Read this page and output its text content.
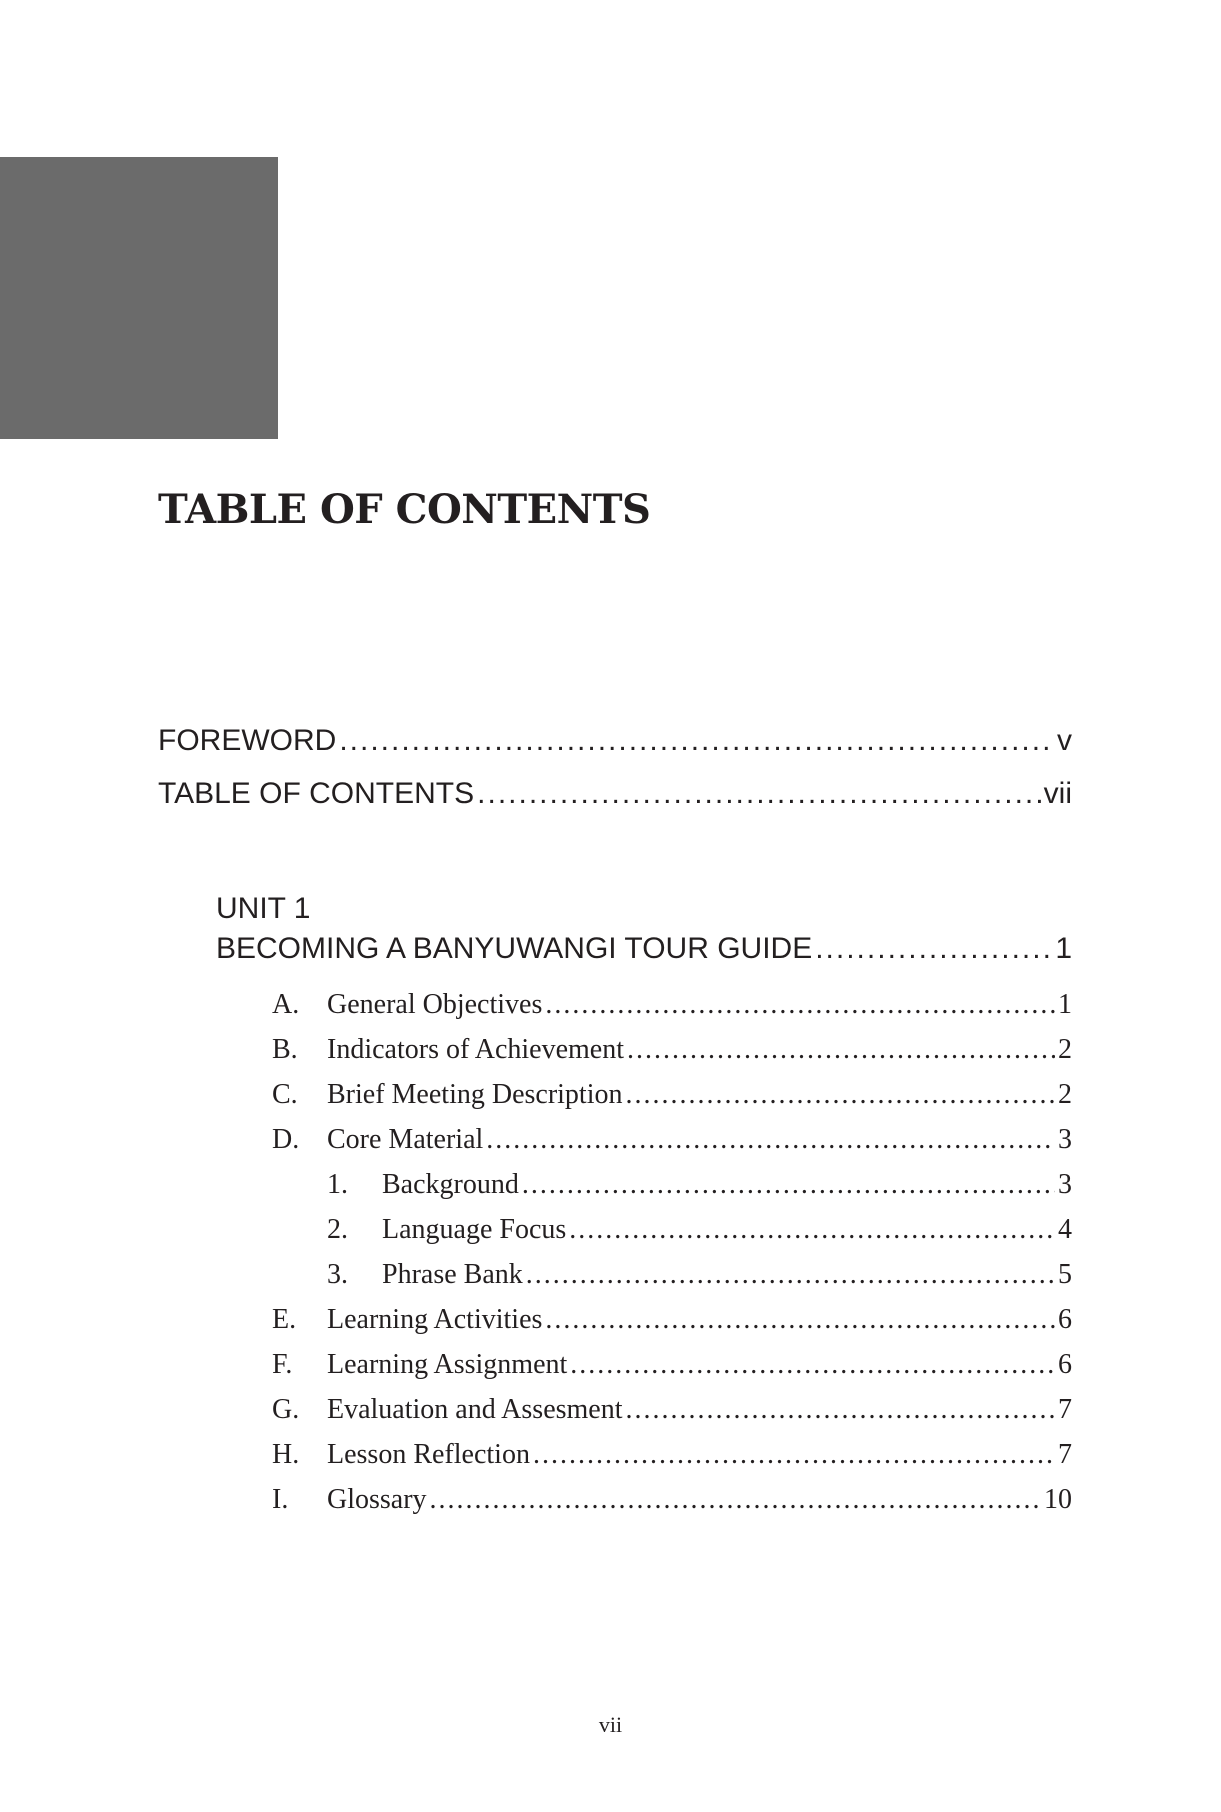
TABLE OF CONTENTS
FOREWORD .....	v
TABLE OF CONTENTS .....	vii
UNIT 1
BECOMING A BANYUWANGI TOUR GUIDE .....	1
A. General Objectives .....	1
B. Indicators of Achievement .....	2
C. Brief Meeting Description .....	2
D. Core Material .....	3
1. Background .....	3
2. Language Focus .....	4
3. Phrase Bank .....	5
E. Learning Activities .....	6
F. Learning Assignment .....	6
G. Evaluation and Assesment .....	7
H. Lesson Reflection .....	7
I. Glossary .....	10
vii
